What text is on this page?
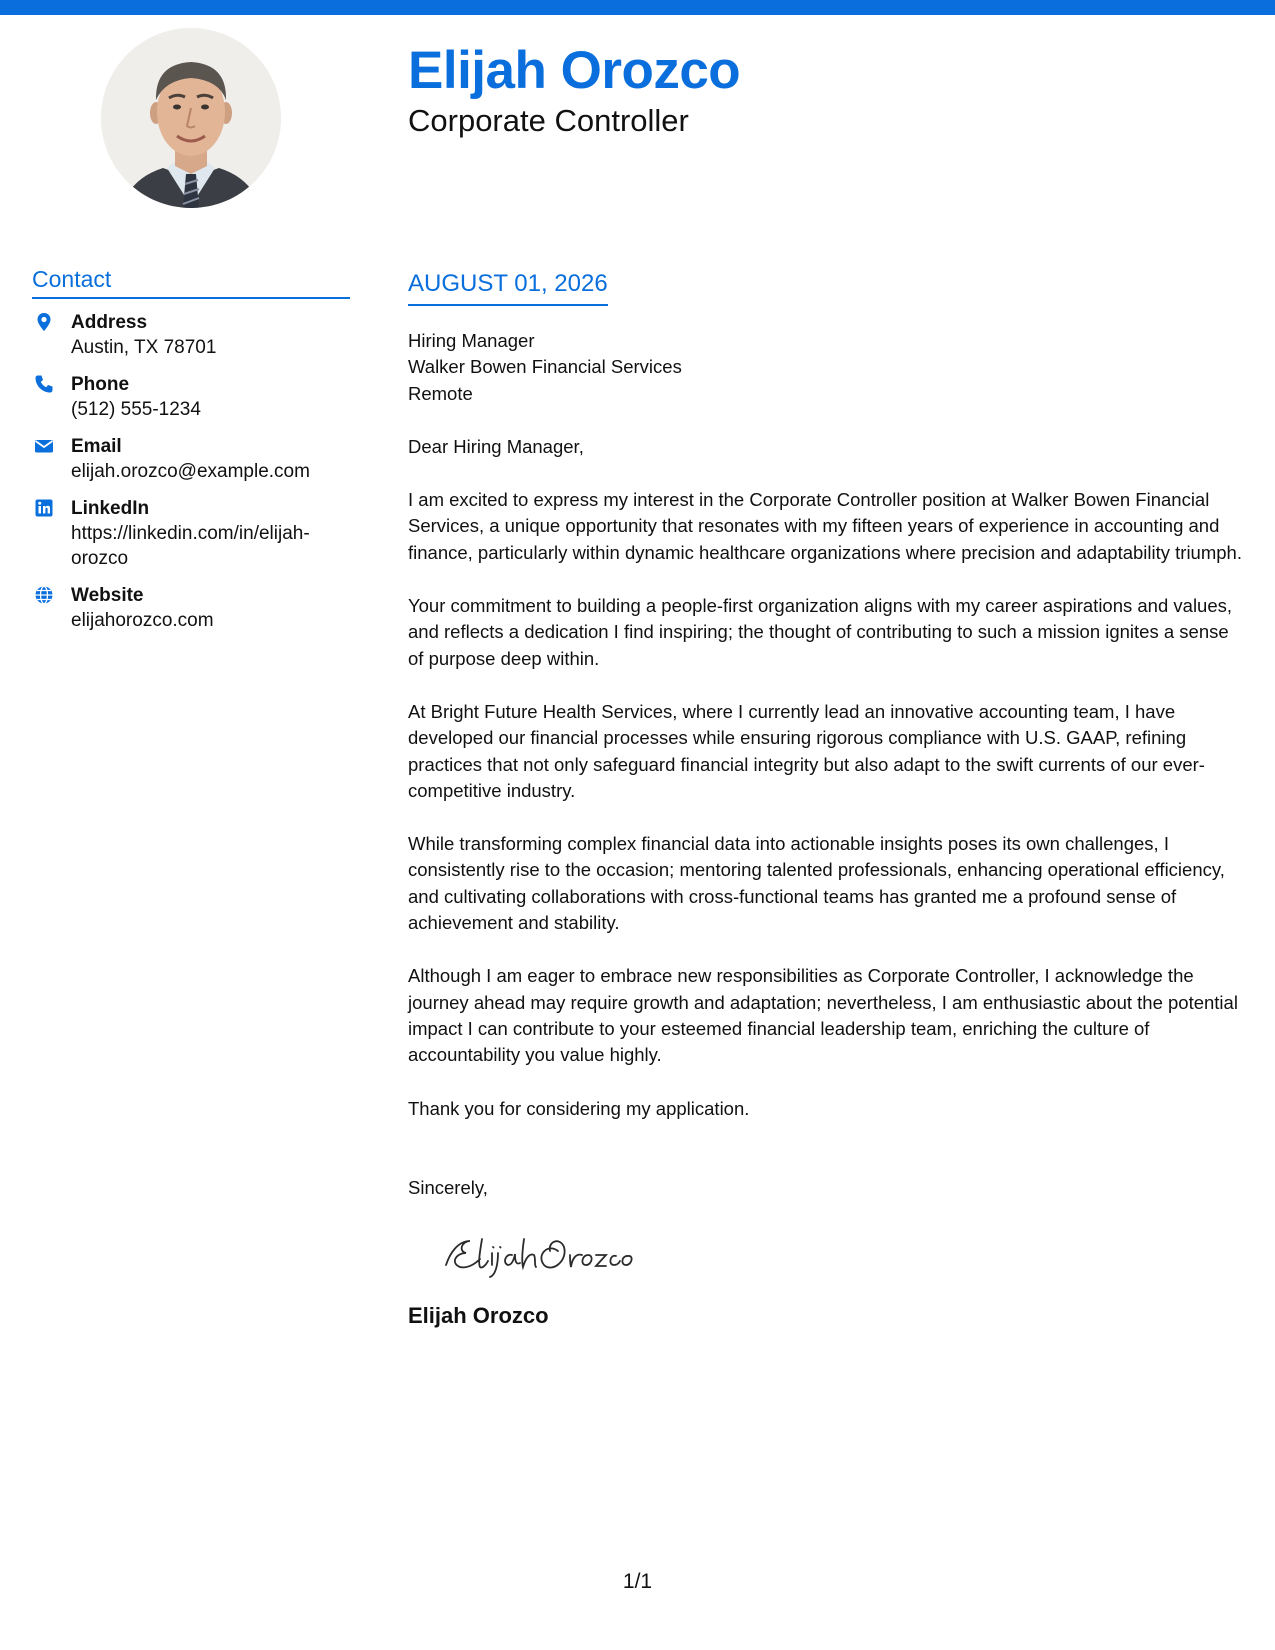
Elijah Orozco
Corporate Controller
Contact
Address
Austin, TX 78701
Phone
(512) 555-1234
Email
elijah.orozco@example.com
LinkedIn
https://linkedin.com/in/elijah-orozco
Website
elijahorozco.com
AUGUST 01, 2026
Hiring Manager
Walker Bowen Financial Services
Remote
Dear Hiring Manager,

I am excited to express my interest in the Corporate Controller position at Walker Bowen Financial Services, a unique opportunity that resonates with my fifteen years of experience in accounting and finance, particularly within dynamic healthcare organizations where precision and adaptability triumph.

Your commitment to building a people-first organization aligns with my career aspirations and values, and reflects a dedication I find inspiring; the thought of contributing to such a mission ignites a sense of purpose deep within.

At Bright Future Health Services, where I currently lead an innovative accounting team, I have developed our financial processes while ensuring rigorous compliance with U.S. GAAP, refining practices that not only safeguard financial integrity but also adapt to the swift currents of our ever-competitive industry.

While transforming complex financial data into actionable insights poses its own challenges, I consistently rise to the occasion; mentoring talented professionals, enhancing operational efficiency, and cultivating collaborations with cross-functional teams has granted me a profound sense of achievement and stability.

Although I am eager to embrace new responsibilities as Corporate Controller, I acknowledge the journey ahead may require growth and adaptation; nevertheless, I am enthusiastic about the potential impact I can contribute to your esteemed financial leadership team, enriching the culture of accountability you value highly.

Thank you for considering my application.

Sincerely,
Elijah Orozco
1/1
